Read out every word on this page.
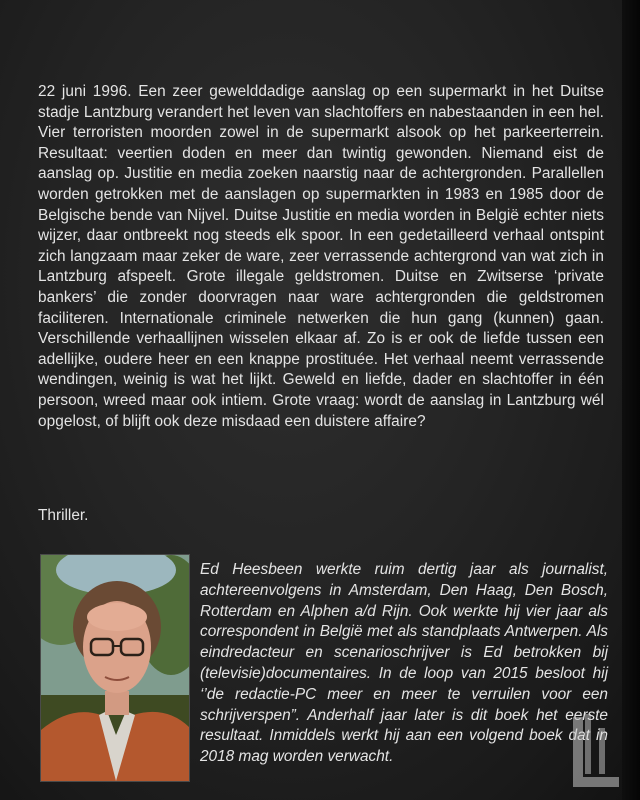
22 juni 1996. Een zeer gewelddadige aanslag op een supermarkt in het Duitse stadje Lantzburg verandert het leven van slachtoffers en nabestaanden in een hel. Vier terroristen moorden zowel in de supermarkt alsook op het parkeerterrein. Resultaat: veertien doden en meer dan twintig gewonden. Niemand eist de aanslag op. Justitie en media zoeken naarstig naar de achtergronden. Parallellen worden getrokken met de aanslagen op supermarkten in 1983 en 1985 door de Belgische bende van Nijvel. Duitse Justitie en media worden in België echter niets wijzer, daar ontbreekt nog steeds elk spoor. In een gedetailleerd verhaal ontspint zich langzaam maar zeker de ware, zeer verrassende achtergrond van wat zich in Lantzburg afspeelt. Grote illegale geldstromen. Duitse en Zwitserse ‘private bankers’ die zonder doorvragen naar ware achtergronden die geldstromen faciliteren. Internationale criminele netwerken die hun gang (kunnen) gaan. Verschillende verhaallijnen wisselen elkaar af. Zo is er ook de liefde tussen een adellijke, oudere heer en een knappe prostituée. Het verhaal neemt verrassende wendingen, weinig is wat het lijkt. Geweld en liefde, dader en slachtoffer in één persoon, wreed maar ook intiem. Grote vraag: wordt de aanslag in Lantzburg wél opgelost, of blijft ook deze misdaad een duistere affaire?

Thriller.

Ed Heesbeen werkte ruim dertig jaar als journalist, achtereenvolgens in Amsterdam, Den Haag, Den Bosch, Rotterdam en Alphen a/d Rijn. Ook werkte hij vier jaar als correspondent in België met als standplaats Antwerpen. Als eindredacteur en scenarioschrijver is Ed betrokken bij (televisie)documentaires. In de loop van 2015 besloot hij ‘’de redactie-PC meer en meer te verruilen voor een schrijverspen”. Anderhalf jaar later is dit boek het eerste resultaat. Inmiddels werkt hij aan een volgend boek dat in 2018 mag worden verwacht.
